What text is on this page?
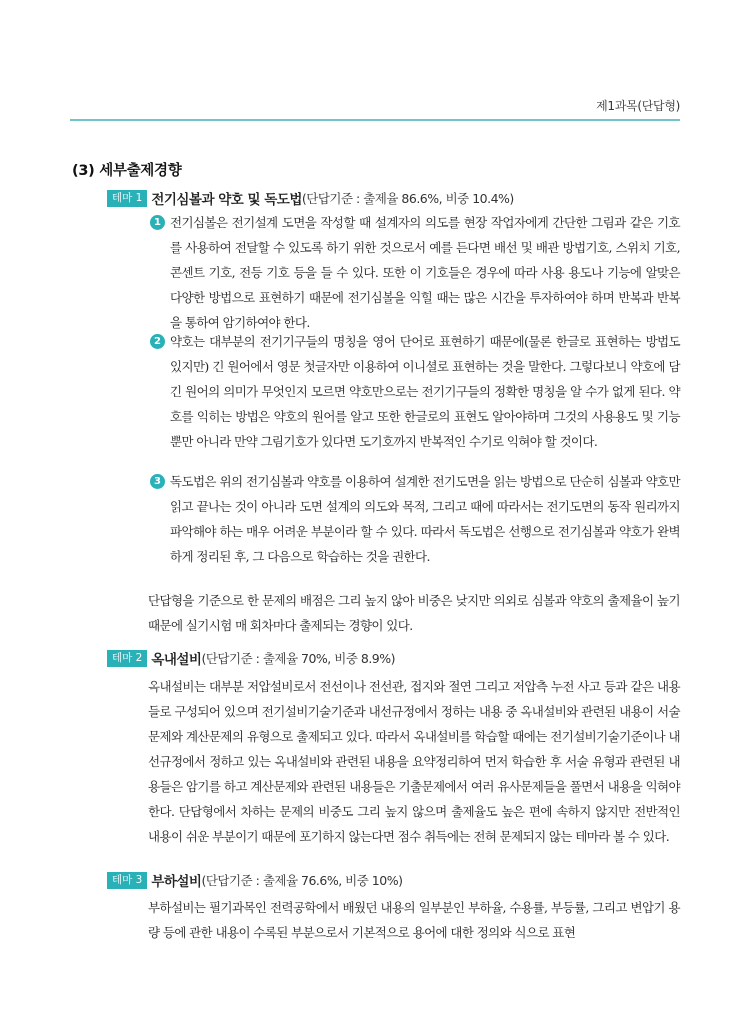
제1과목(단답형)
(3) 세부출제경향
테마 1 전기심볼과 약호 및 독도법 (단답기준 : 출제율 86.6%, 비중 10.4%)
1 전기심볼은 전기설계 도면을 작성할 때 설계자의 의도를 현장 작업자에게 간단한 그림과 같은 기호를 사용하여 전달할 수 있도록 하기 위한 것으로서 예를 든다면 배선 및 배관 방법기호, 스위치 기호, 콘센트 기호, 전등 기호 등을 들 수 있다. 또한 이 기호들은 경우에 따라 사용 용도나 기능에 알맞은 다양한 방법으로 표현하기 때문에 전기심볼을 익힐 때는 많은 시간을 투자하여야 하며 반복과 반복을 통하여 암기하여야 한다.
2 약호는 대부분의 전기기구들의 명칭을 영어 단어로 표현하기 때문에(물론 한글로 표현하는 방법도 있지만) 긴 원어에서 영문 첫글자만 이용하여 이니셜로 표현하는 것을 말한다. 그렇다보니 약호에 담긴 원어의 의미가 무엇인지 모르면 약호만으로는 전기기구들의 정확한 명칭을 알 수가 없게 된다. 약호를 익히는 방법은 약호의 원어를 알고 또한 한글로의 표현도 알아야하며 그것의 사용용도 및 기능뿐만 아니라 만약 그림기호가 있다면 도기호까지 반복적인 수기로 익혀야 할 것이다.
3 독도법은 위의 전기심볼과 약호를 이용하여 설계한 전기도면을 읽는 방법으로 단순히 심볼과 약호만 읽고 끝나는 것이 아니라 도면 설계의 의도와 목적, 그리고 때에 따라서는 전기도면의 동작 원리까지 파악해야 하는 매우 어려운 부분이라 할 수 있다. 따라서 독도법은 선행으로 전기심볼과 약호가 완벽하게 정리된 후, 그 다음으로 학습하는 것을 권한다.
단답형을 기준으로 한 문제의 배점은 그리 높지 않아 비중은 낮지만 의외로 심볼과 약호의 출제율이 높기 때문에 실기시험 매 회차마다 출제되는 경향이 있다.
테마 2 옥내설비 (단답기준 : 출제율 70%, 비중 8.9%)
옥내설비는 대부분 저압설비로서 전선이나 전선관, 접지와 절연 그리고 저압측 누전 사고 등과 같은 내용들로 구성되어 있으며 전기설비기술기준과 내선규정에서 정하는 내용 중 옥내설비와 관련된 내용이 서술문제와 계산문제의 유형으로 출제되고 있다. 따라서 옥내설비를 학습할 때에는 전기설비기술기준이나 내선규정에서 정하고 있는 옥내설비와 관련된 내용을 요약정리하여 먼저 학습한 후 서술 유형과 관련된 내용들은 암기를 하고 계산문제와 관련된 내용들은 기출문제에서 여러 유사문제들을 풀면서 내용을 익혀야 한다. 단답형에서 차하는 문제의 비중도 그리 높지 않으며 출제율도 높은 편에 속하지 않지만 전반적인 내용이 쉬운 부분이기 때문에 포기하지 않는다면 점수 취득에는 전혀 문제되지 않는 테마라 볼 수 있다.
테마 3 부하설비 (단답기준 : 출제율 76.6%, 비중 10%)
부하설비는 필기과목인 전력공학에서 배웠던 내용의 일부분인 부하율, 수용률, 부등률, 그리고 변압기 용량 등에 관한 내용이 수록된 부분으로서 기본적으로 용어에 대한 정의와 식으로 표현
